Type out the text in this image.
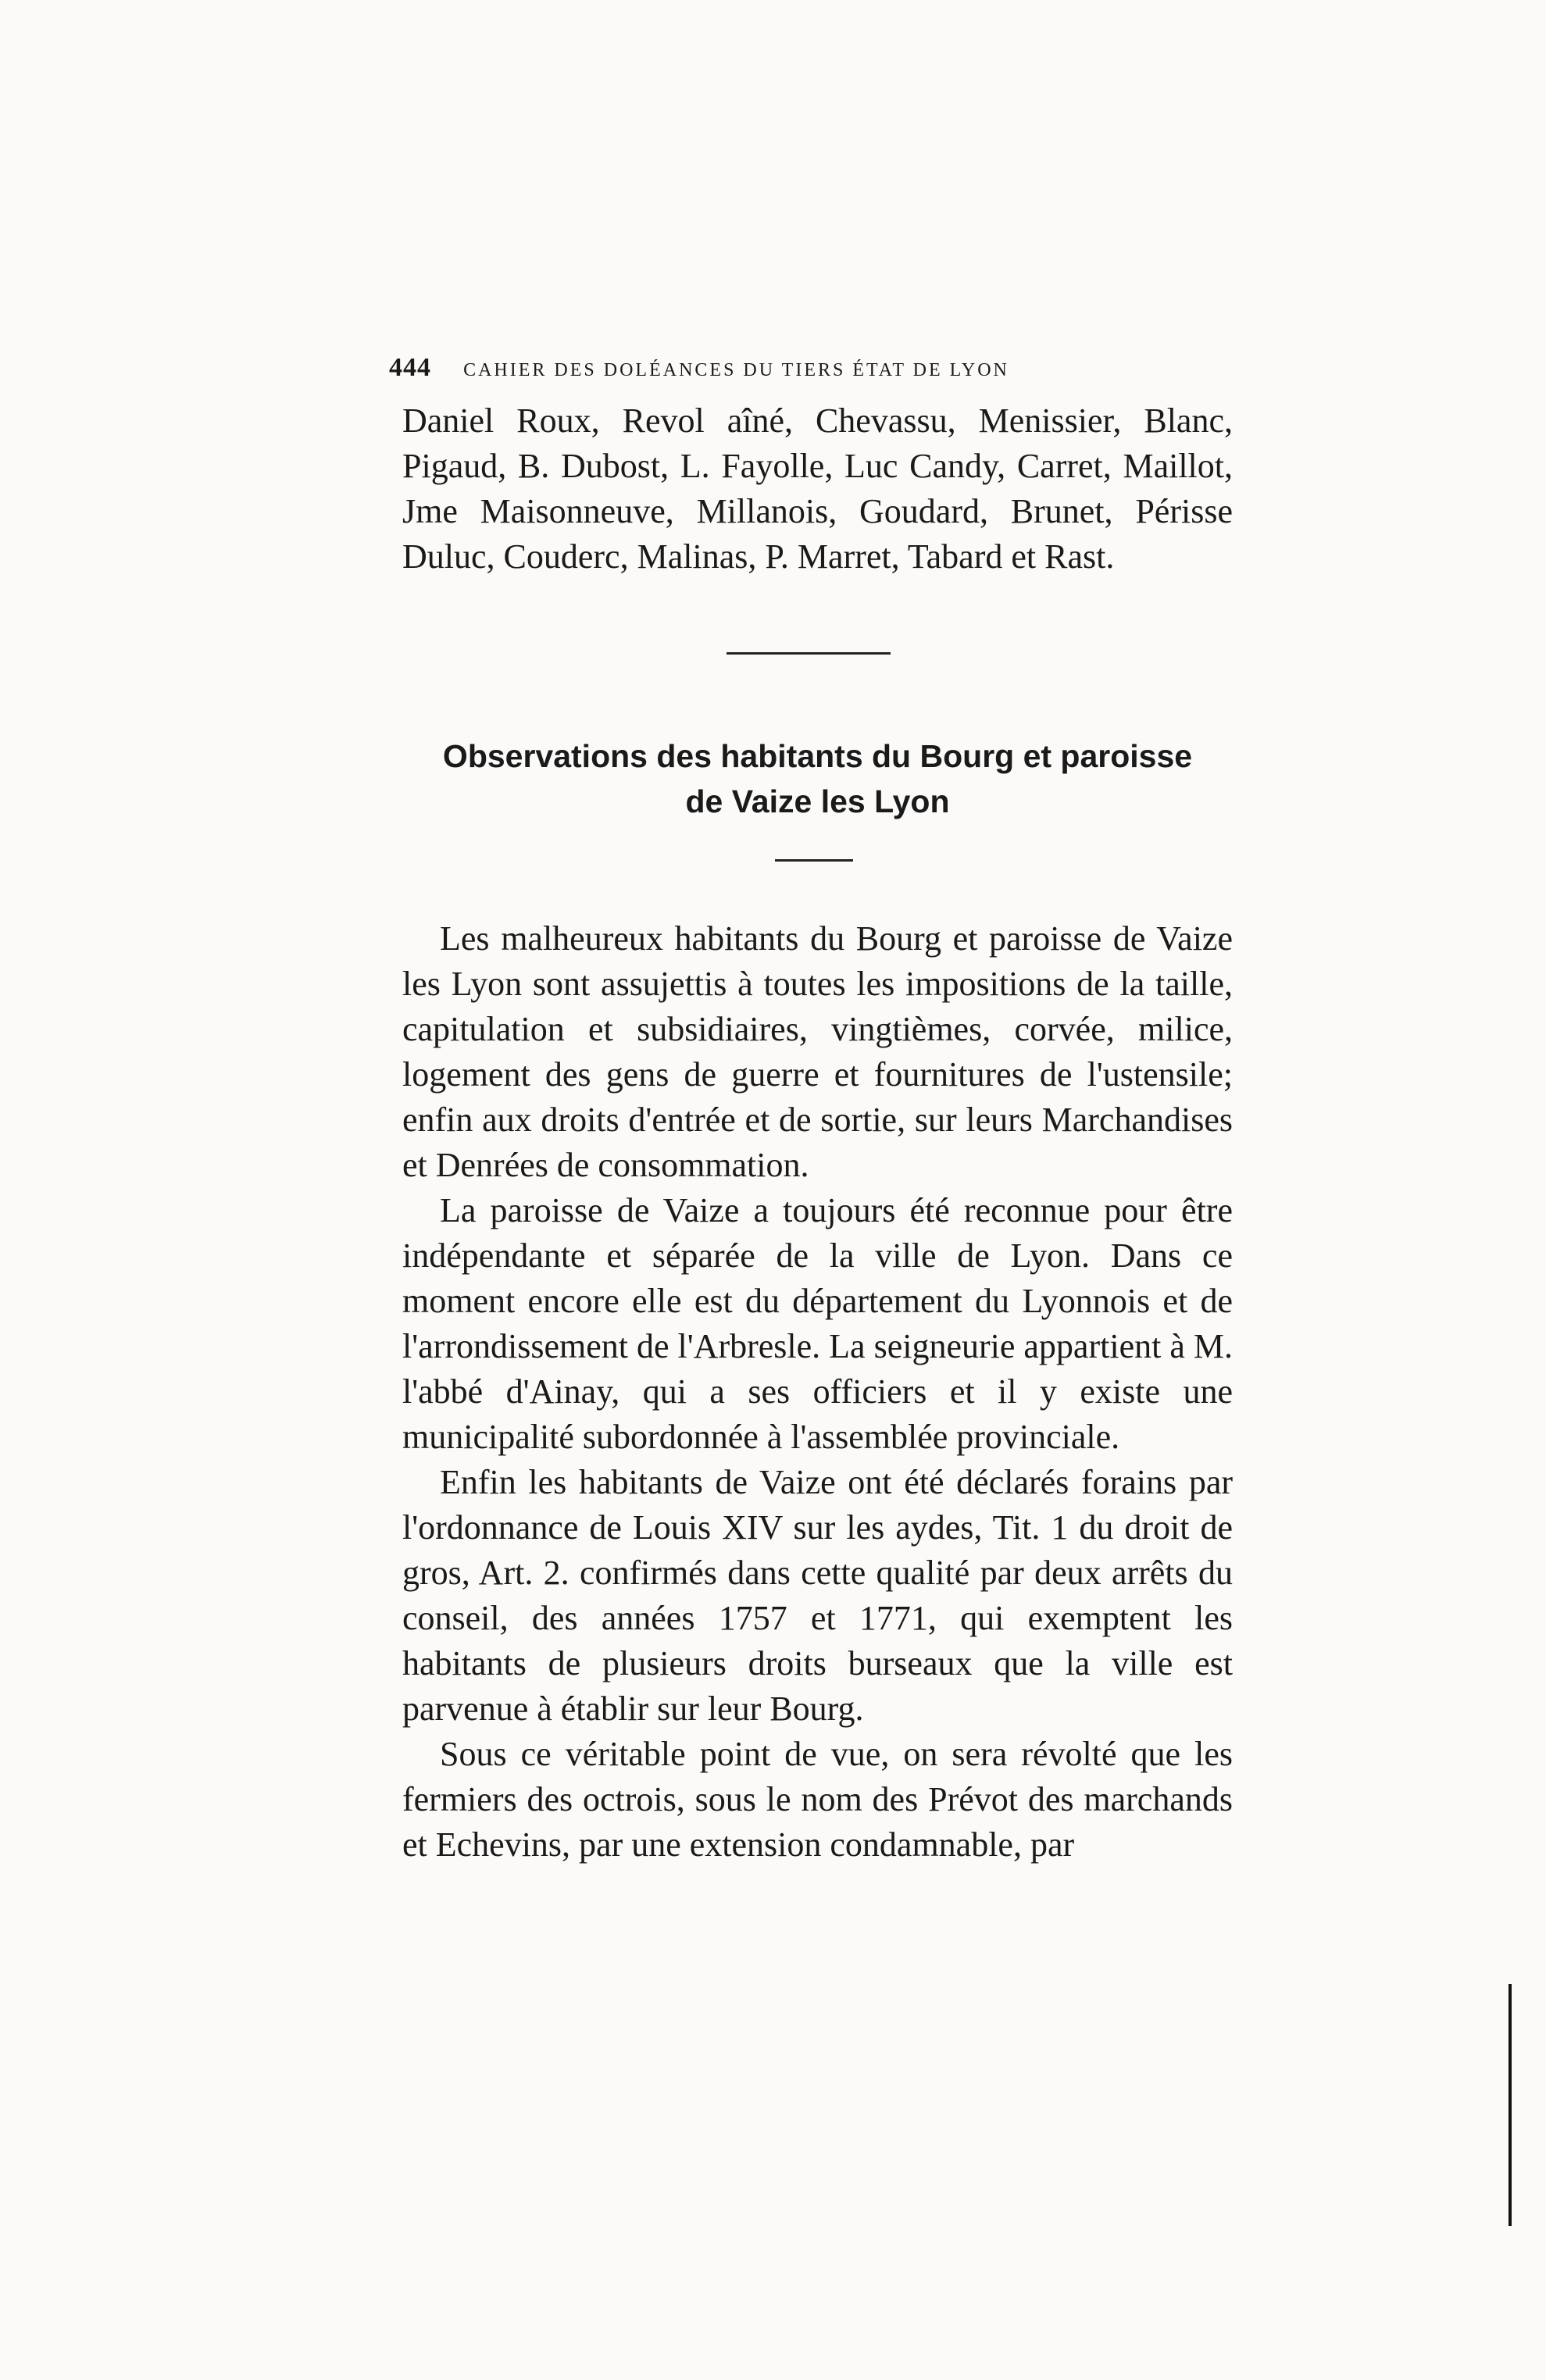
444 CAHIER DES DOLÉANCES DU TIERS ÉTAT DE LYON

Daniel Roux, Revol aîné, Chevassu, Menissier, Blanc, Pigaud, B. Dubost, L. Fayolle, Luc Candy, Carret, Maillot, Jme Maisonneuve, Millanois, Goudard, Brunet, Périsse Duluc, Couderc, Malinas, P. Marret, Tabard et Rast.

Observations des habitants du Bourg et paroisse
de Vaize les Lyon

Les malheureux habitants du Bourg et paroisse de Vaize les Lyon sont assujettis à toutes les impositions de la taille, capitulation et subsidiaires, vingtièmes, corvée, milice, logement des gens de guerre et fournitures de l'ustensile; enfin aux droits d'entrée et de sortie, sur leurs Marchandises et Denrées de consommation.

La paroisse de Vaize a toujours été reconnue pour être indépendante et séparée de la ville de Lyon. Dans ce moment encore elle est du département du Lyonnois et de l'arrondissement de l'Arbresle. La seigneurie appartient à M. l'abbé d'Ainay, qui a ses officiers et il y existe une municipalité subordonnée à l'assemblée provinciale.

Enfin les habitants de Vaize ont été déclarés forains par l'ordonnance de Louis XIV sur les aydes, Tit. 1 du droit de gros, Art. 2. confirmés dans cette qualité par deux arrêts du conseil, des années 1757 et 1771, qui exemptent les habitants de plusieurs droits burseaux que la ville est parvenue à établir sur leur Bourg.

Sous ce véritable point de vue, on sera révolté que les fermiers des octrois, sous le nom des Prévot des marchands et Echevins, par une extension condamnable, par
